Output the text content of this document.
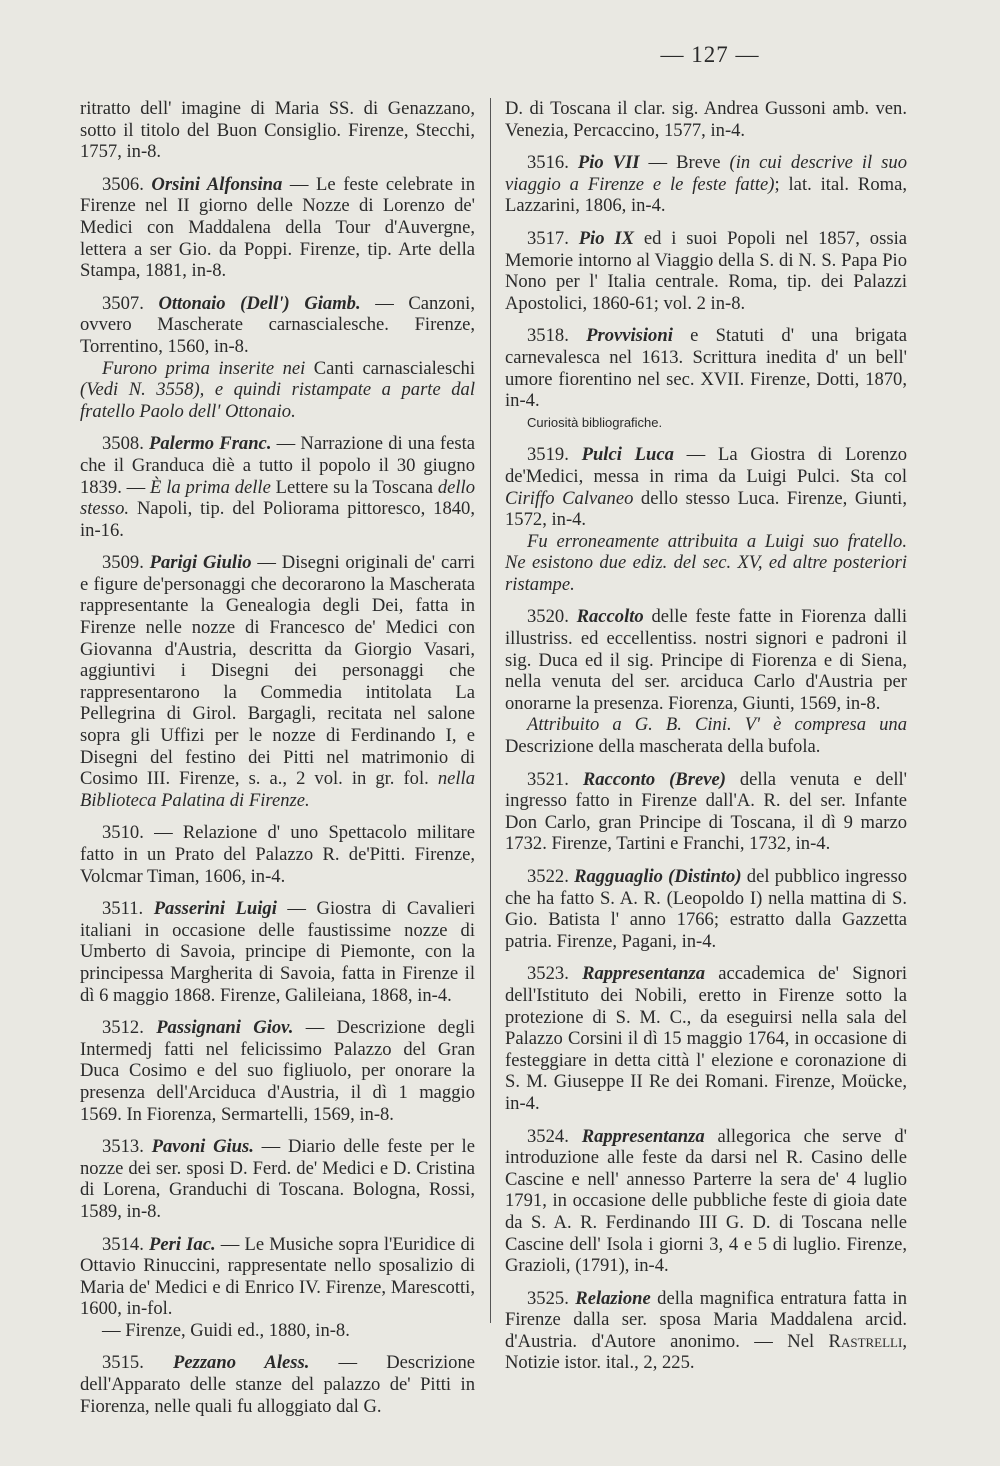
— 127 —

ritratto dell' imagine di Maria SS. di Genazzano, sotto il titolo del Buon Consiglio. Firenze, Stecchi, 1757, in-8.

3506. Orsini Alfonsina — Le feste celebrate in Firenze nel II giorno delle Nozze di Lorenzo de' Medici con Maddalena della Tour d'Auvergne, lettera a ser Gio. da Poppi. Firenze, tip. Arte della Stampa, 1881, in-8.

3507. Ottonaio (Dell') Giamb. — Canzoni, ovvero Mascherate carnascialesche. Firenze, Torrentino, 1560, in-8.

Furono prima inserite nei Canti carnascialeschi (Vedi N. 3558), e quindi ristampate a parte dal fratello Paolo dell' Ottonaio.

3508. Palermo Franc. — Narrazione di una festa che il Granduca diè a tutto il popolo il 30 giugno 1839. — È la prima delle Lettere su la Toscana dello stesso. Napoli, tip. del Poliorama pittoresco, 1840, in-16.

3509. Parigi Giulio — Disegni originali de' carri e figure de'personaggi che decorarono la Mascherata rappresentante la Genealogia degli Dei, fatta in Firenze nelle nozze di Francesco de' Medici con Giovanna d'Austria, descritta da Giorgio Vasari, aggiuntivi i Disegni dei personaggi che rappresentarono la Commedia intitolata La Pellegrina di Girol. Bargagli, recitata nel salone sopra gli Uffizi per le nozze di Ferdinando I, e Disegni del festino dei Pitti nel matrimonio di Cosimo III. Firenze, s. a., 2 vol. in gr. fol. nella Biblioteca Palatina di Firenze.

3510. — Relazione d' uno Spettacolo militare fatto in un Prato del Palazzo R. de'Pitti. Firenze, Volcmar Timan, 1606, in-4.

3511. Passerini Luigi — Giostra di Cavalieri italiani in occasione delle faustissime nozze di Umberto di Savoia, principe di Piemonte, con la principessa Margherita di Savoia, fatta in Firenze il dì 6 maggio 1868. Firenze, Galileiana, 1868, in-4.

3512. Passignani Giov. — Descrizione degli Intermedj fatti nel felicissimo Palazzo del Gran Duca Cosimo e del suo figliuolo, per onorare la presenza dell'Arciduca d'Austria, il dì 1 maggio 1569. In Fiorenza, Sermartelli, 1569, in-8.

3513. Pavoni Gius. — Diario delle feste per le nozze dei ser. sposi D. Ferd. de' Medici e D. Cristina di Lorena, Granduchi di Toscana. Bologna, Rossi, 1589, in-8.

3514. Peri Iac. — Le Musiche sopra l'Euridice di Ottavio Rinuccini, rappresentate nello sposalizio di Maria de' Medici e di Enrico IV. Firenze, Marescotti, 1600, in-fol.

— Firenze, Guidi ed., 1880, in-8.

3515. Pezzano Aless. — Descrizione dell'Apparato delle stanze del palazzo de' Pitti in Fiorenza, nelle quali fu alloggiato dal G.

D. di Toscana il clar. sig. Andrea Gussoni amb. ven. Venezia, Percaccino, 1577, in-4.

3516. Pio VII — Breve (in cui descrive il suo viaggio a Firenze e le feste fatte); lat. ital. Roma, Lazzarini, 1806, in-4.

3517. Pio IX ed i suoi Popoli nel 1857, ossia Memorie intorno al Viaggio della S. di N. S. Papa Pio Nono per l' Italia centrale. Roma, tip. dei Palazzi Apostolici, 1860-61; vol. 2 in-8.

3518. Provvisioni e Statuti d' una brigata carnevalesca nel 1613. Scrittura inedita d' un bell' umore fiorentino nel sec. XVII. Firenze, Dotti, 1870, in-4.

Curiosità bibliografiche.

3519. Pulci Luca — La Giostra di Lorenzo de'Medici, messa in rima da Luigi Pulci. Sta col Ciriffo Calvaneo dello stesso Luca. Firenze, Giunti, 1572, in-4.

Fu erroneamente attribuita a Luigi suo fratello. Ne esistono due ediz. del sec. XV, ed altre posteriori ristampe.

3520. Raccolto delle feste fatte in Fiorenza dalli illustriss. ed eccellentiss. nostri signori e padroni il sig. Duca ed il sig. Principe di Fiorenza e di Siena, nella venuta del ser. arciduca Carlo d'Austria per onorarne la presenza. Fiorenza, Giunti, 1569, in-8.

Attribuito a G. B. Cini. V' è compresa una Descrizione della mascherata della bufola.

3521. Racconto (Breve) della venuta e dell' ingresso fatto in Firenze dall'A. R. del ser. Infante Don Carlo, gran Principe di Toscana, il dì 9 marzo 1732. Firenze, Tartini e Franchi, 1732, in-4.

3522. Ragguaglio (Distinto) del pubblico ingresso che ha fatto S. A. R. (Leopoldo I) nella mattina di S. Gio. Batista l' anno 1766; estratto dalla Gazzetta patria. Firenze, Pagani, in-4.

3523. Rappresentanza accademica de' Signori dell'Istituto dei Nobili, eretto in Firenze sotto la protezione di S. M. C., da eseguirsi nella sala del Palazzo Corsini il dì 15 maggio 1764, in occasione di festeggiare in detta città l' elezione e coronazione di S. M. Giuseppe II Re dei Romani. Firenze, Moücke, in-4.

3524. Rappresentanza allegorica che serve d' introduzione alle feste da darsi nel R. Casino delle Cascine e nell' annesso Parterre la sera de' 4 luglio 1791, in occasione delle pubbliche feste di gioia date da S. A. R. Ferdinando III G. D. di Toscana nelle Cascine dell' Isola i giorni 3, 4 e 5 di luglio. Firenze, Grazioli, (1791), in-4.

3525. Relazione della magnifica entratura fatta in Firenze dalla ser. sposa Maria Maddalena arcid. d'Austria. d'Autore anonimo. — Nel Rastrelli, Notizie istor. ital., 2, 225.
